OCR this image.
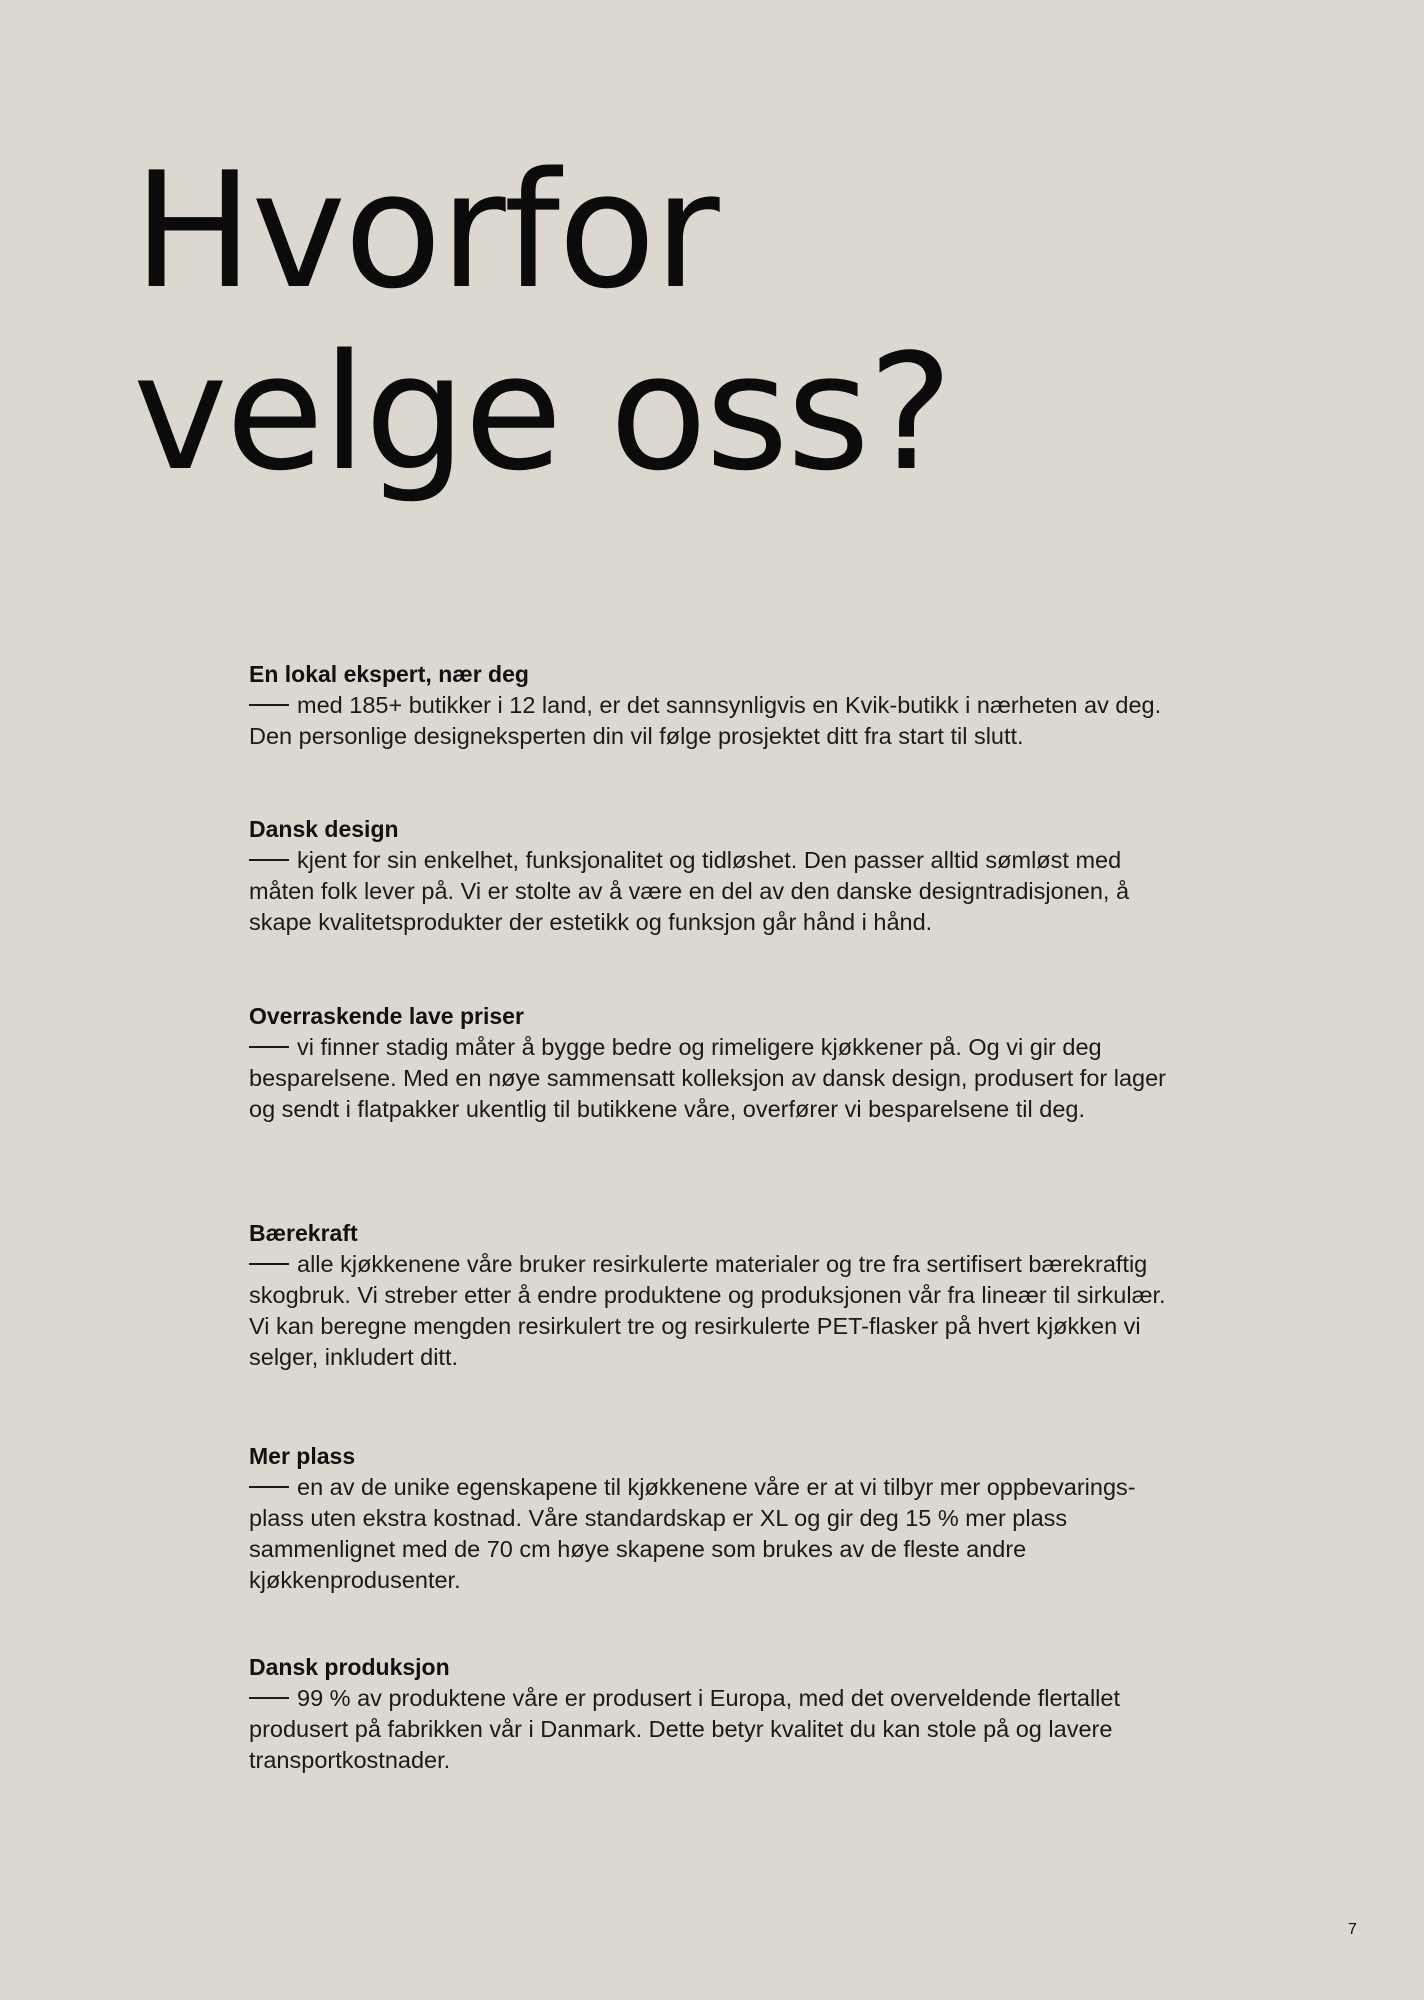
Hvorfor
velge oss?

En lokal ekspert, nær deg

med 185+ butikker i 12 land, er det sannsynligvis en Kvik-butikk i nærheten av deg. Den personlige designeksperten din vil følge prosjektet ditt fra start til slutt.

Dansk design

kjent for sin enkelhet, funksjonalitet og tidløshet. Den passer alltid sømløst med måten folk lever på. Vi er stolte av å være en del av den danske designtradisjonen, å skape kvalitetsprodukter der estetikk og funksjon går hånd i hånd.

Overraskende lave priser

vi finner stadig måter å bygge bedre og rimeligere kjøkkener på. Og vi gir deg besparelsene. Med en nøye sammensatt kolleksjon av dansk design, produsert for lager og sendt i flatpakker ukentlig til butikkene våre, overfører vi besparelsene til deg.

Bærekraft

alle kjøkkenene våre bruker resirkulerte materialer og tre fra sertifisert bærekraftig skogbruk. Vi streber etter å endre produktene og produksjonen vår fra lineær til sirkulær. Vi kan beregne mengden resirkulert tre og resirkulerte PET-flasker på hvert kjøkken vi selger, inkludert ditt.

Mer plass

en av de unike egenskapene til kjøkkenene våre er at vi tilbyr mer oppbevarings-plass uten ekstra kostnad. Våre standardskap er XL og gir deg 15 % mer plass sammenlignet med de 70 cm høye skapene som brukes av de fleste andre kjøkkenprodusenter.

Dansk produksjon

99 % av produktene våre er produsert i Europa, med det overveldende flertallet produsert på fabrikken vår i Danmark. Dette betyr kvalitet du kan stole på og lavere transportkostnader.

7
